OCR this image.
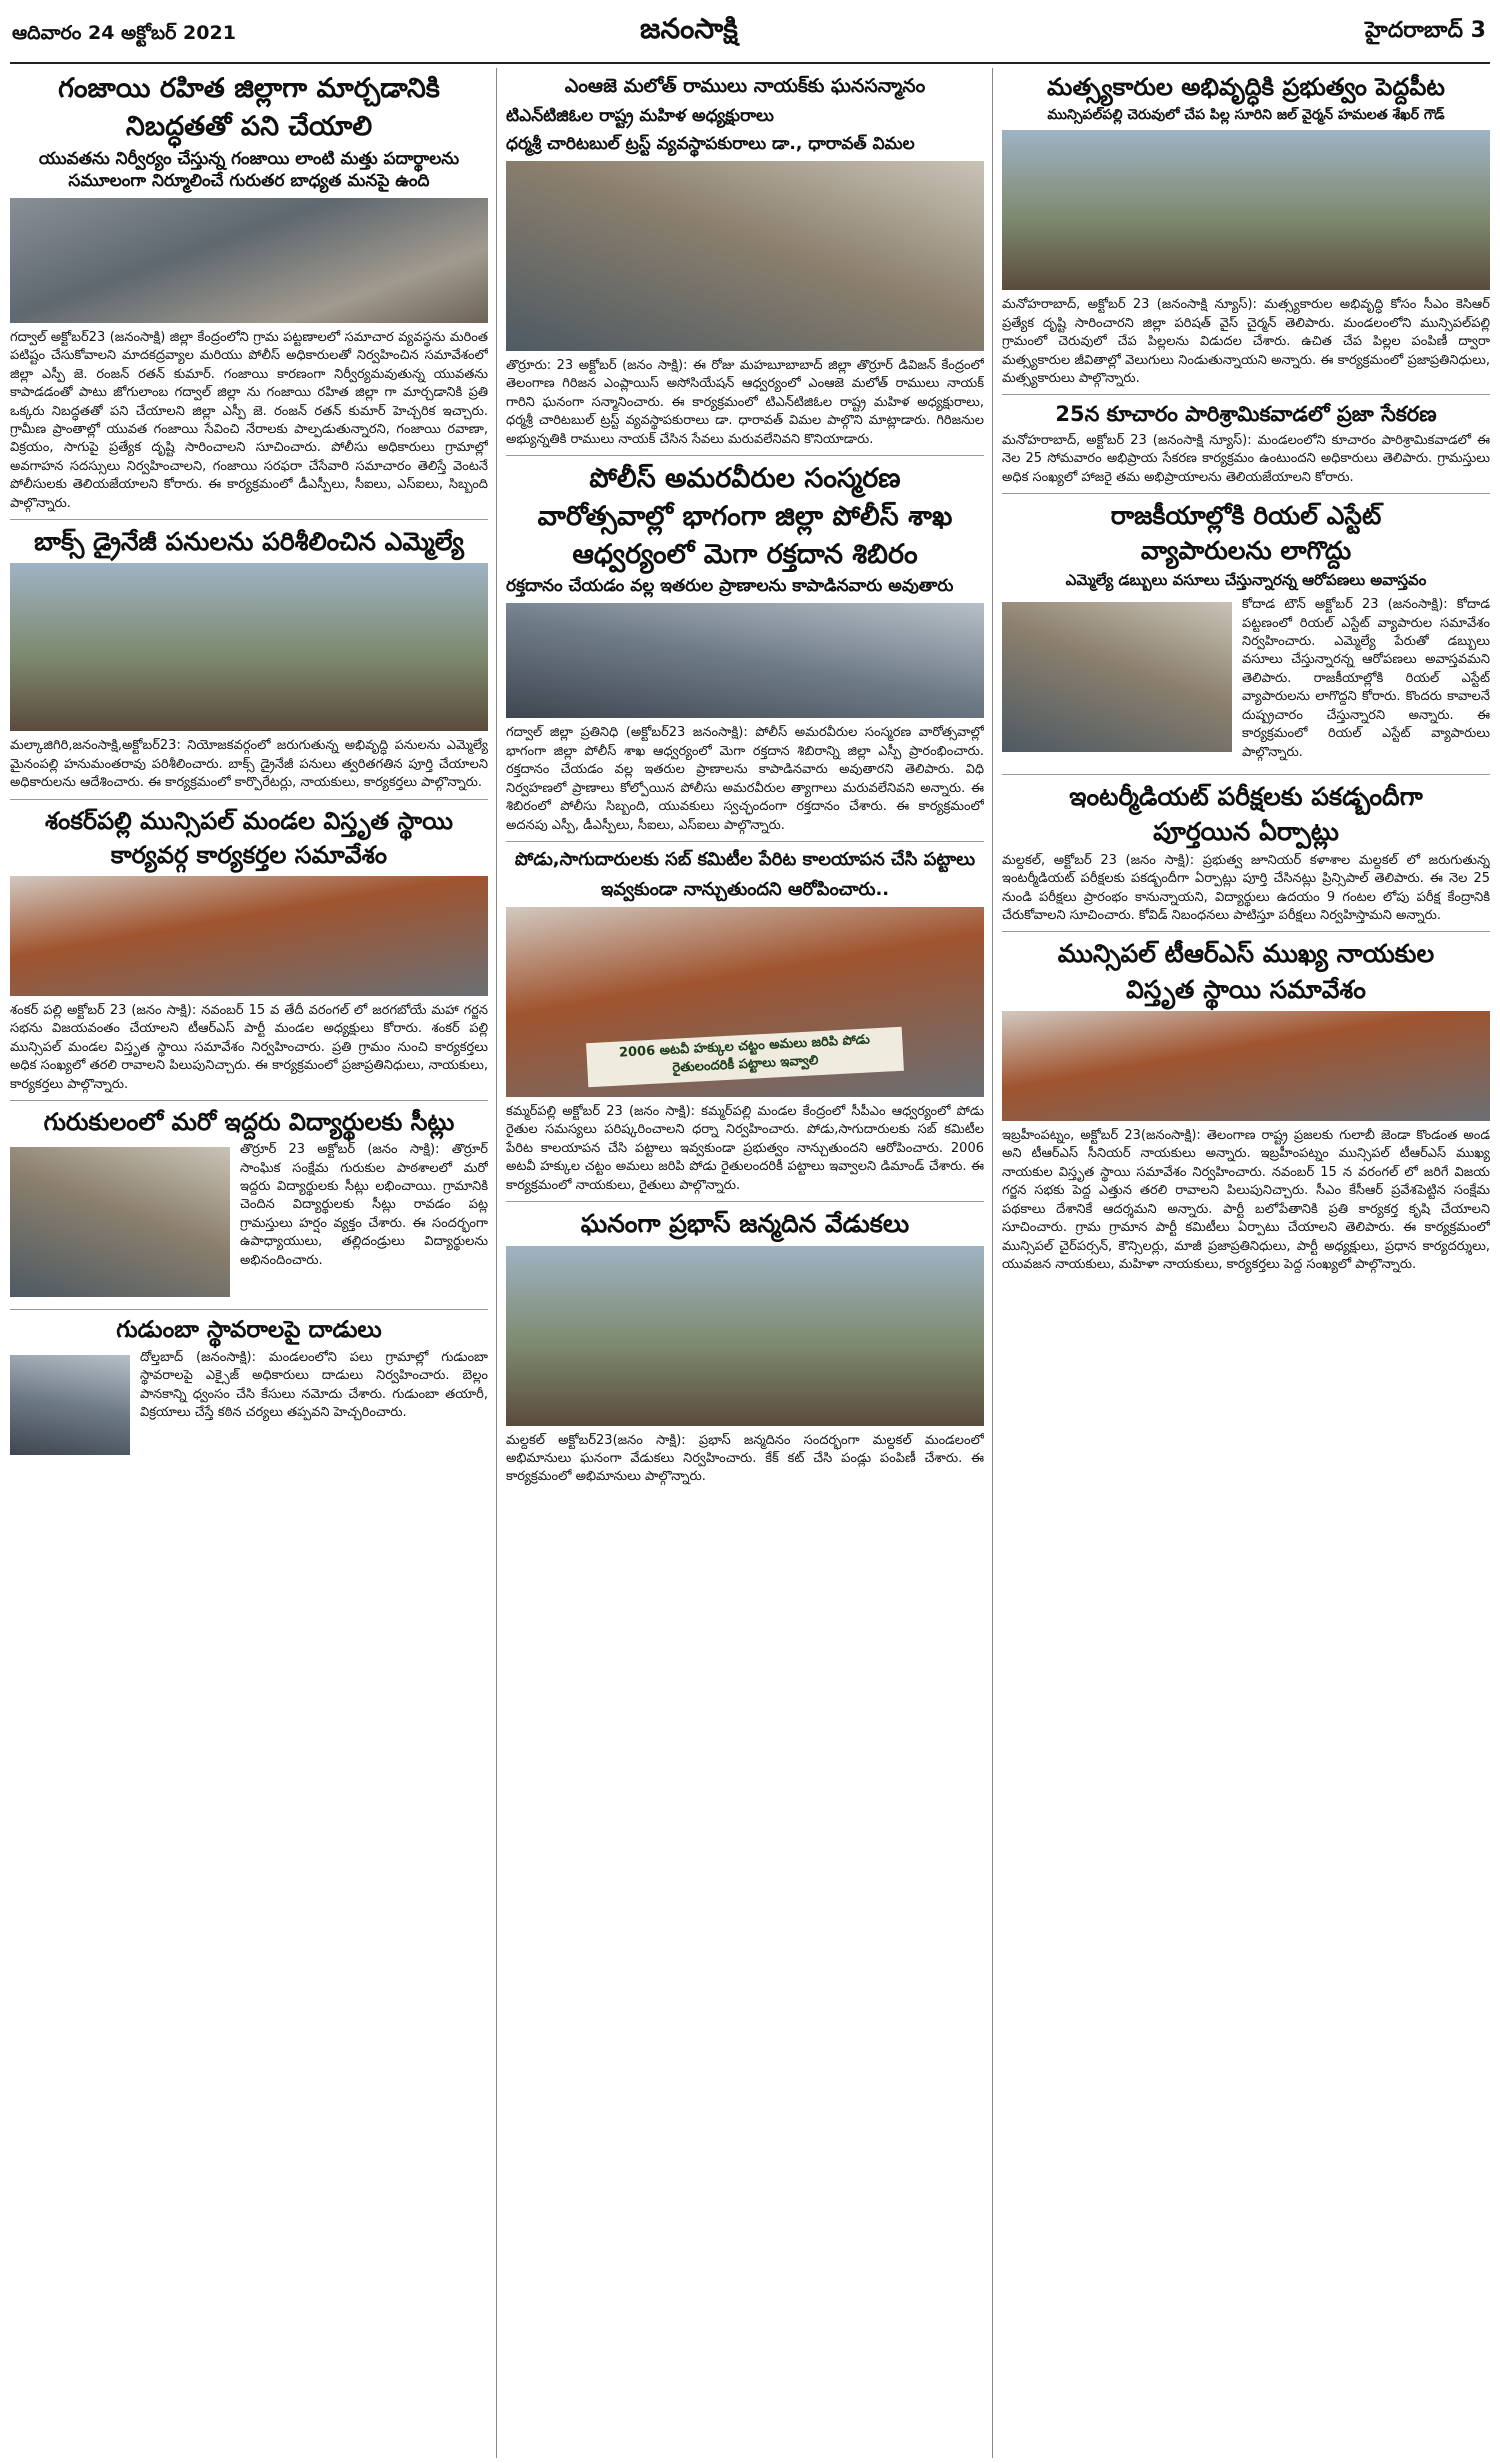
ఆదివారం 24 అక్టోబర్ 2021	జనంసాక్షి	హైదరాబాద్ 3
గంజాయి రహిత జిల్లాగా మార్చడానికి
నిబద్ధతతో పని చేయాలి
యువతను నిర్వీర్యం చేస్తున్న గంజాయి లాంటి మత్తు పదార్థాలను సమూలంగా నిర్మూలించే గురుతర బాధ్యత మనపై ఉంది
గద్వాల్ అక్టోబర్23 (జనంసాక్షి) జిల్లా కేంద్రంలోని గ్రామ పట్టణాలలో సమాచార వ్యవస్థను మరింత పటిష్టం చేసుకోవాలని మాదకద్రవ్యాల మరియు పోలీస్ అధికారులతో నిర్వహించిన సమావేశంలో జిల్లా ఎస్పీ జె. రంజన్ రతన్ కుమార్. గంజాయి కారణంగా నిర్వీర్యమవుతున్న యువతను కాపాడడంతో పాటు జోగులాంబ గద్వాల్ జిల్లా ను గంజాయి రహిత జిల్లా గా మార్చడానికి ప్రతి ఒక్కరు నిబద్ధతతో పని చేయాలని జిల్లా ఎస్పీ జె. రంజన్ రతన్ కుమార్ హెచ్చరిక ఇచ్చారు. గ్రామీణ ప్రాంతాల్లో యువత గంజాయి సేవించి నేరాలకు పాల్పడుతున్నారని, గంజాయి రవాణా, విక్రయం, సాగుపై ప్రత్యేక దృష్టి సారించాలని సూచించారు. పోలీసు అధికారులు గ్రామాల్లో అవగాహన సదస్సులు నిర్వహించాలని, గంజాయి సరఫరా చేసేవారి సమాచారం తెలిస్తే వెంటనే పోలీసులకు తెలియజేయాలని కోరారు. ఈ కార్యక్రమంలో డీఎస్పీలు, సీఐలు, ఎస్ఐలు, సిబ్బంది పాల్గొన్నారు.
బాక్స్ డ్రైనేజీ పనులను పరిశీలించిన ఎమ్మెల్యే
మల్కాజిగిరి,జనంసాక్షి,అక్టోబర్23: నియోజకవర్గంలో జరుగుతున్న అభివృద్ధి పనులను ఎమ్మెల్యే మైనంపల్లి హనుమంతరావు పరిశీలించారు. బాక్స్ డ్రైనేజీ పనులు త్వరితగతిన పూర్తి చేయాలని అధికారులను ఆదేశించారు. ఈ కార్యక్రమంలో కార్పొరేటర్లు, నాయకులు, కార్యకర్తలు పాల్గొన్నారు.
శంకర్‌పల్లి మున్సిపల్ మండల విస్తృత స్థాయి
కార్యవర్గ కార్యకర్తల సమావేశం
శంకర్ పల్లి అక్టోబర్ 23 (జనం సాక్షి): నవంబర్ 15 వ తేదీ వరంగల్ లో జరగబోయే మహా గర్జన సభను విజయవంతం చేయాలని టీఆర్ఎస్ పార్టీ మండల అధ్యక్షులు కోరారు. శంకర్ పల్లి మున్సిపల్ మండల విస్తృత స్థాయి సమావేశం నిర్వహించారు. ప్రతి గ్రామం నుంచి కార్యకర్తలు అధిక సంఖ్యలో తరలి రావాలని పిలుపునిచ్చారు. ఈ కార్యక్రమంలో ప్రజాప్రతినిధులు, నాయకులు, కార్యకర్తలు పాల్గొన్నారు.
గురుకులంలో మరో ఇద్దరు విద్యార్థులకు సీట్లు
తొర్రూర్ 23 అక్టోబర్ (జనం సాక్షి): తొర్రూర్ సాంఘిక సంక్షేమ గురుకుల పాఠశాలలో మరో ఇద్దరు విద్యార్థులకు సీట్లు లభించాయి. గ్రామానికి చెందిన విద్యార్థులకు సీట్లు రావడం పట్ల గ్రామస్తులు హర్షం వ్యక్తం చేశారు. ఈ సందర్భంగా ఉపాధ్యాయులు, తల్లిదండ్రులు విద్యార్థులను అభినందించారు.
గుడుంబా స్థావరాలపై దాడులు
దోల్తబాద్ (జనంసాక్షి): మండలంలోని పలు గ్రామాల్లో గుడుంబా స్థావరాలపై ఎక్సైజ్ అధికారులు దాడులు నిర్వహించారు. బెల్లం పానకాన్ని ధ్వంసం చేసి కేసులు నమోదు చేశారు. గుడుంబా తయారీ, విక్రయాలు చేస్తే కఠిన చర్యలు తప్పవని హెచ్చరించారు.
ఎంఆజె మలోత్ రాములు నాయక్‌కు ఘనసన్మానం
టిఎన్‌టిజిఓల రాష్ట్ర మహిళ అధ్యక్షురాలు
ధర్మశ్రీ చారిటబుల్ ట్రస్ట్ వ్యవస్థాపకురాలు డా., ధారావత్ విమల
తొర్రూరు: 23 అక్టోబర్ (జనం సాక్షి): ఈ రోజు మహబూబాబాద్ జిల్లా తొర్రూర్ డివిజన్ కేంద్రంలో తెలంగాణ గిరిజన ఎంప్లాయిస్ అసోసియేషన్ ఆధ్వర్యంలో ఎంఆజె మలోత్ రాములు నాయక్ గారిని ఘనంగా సన్మానించారు. ఈ కార్యక్రమంలో టిఎన్‌టిజిఓల రాష్ట్ర మహిళ అధ్యక్షురాలు, ధర్మశ్రీ చారిటబుల్ ట్రస్ట్ వ్యవస్థాపకురాలు డా. ధారావత్ విమల పాల్గొని మాట్లాడారు. గిరిజనుల అభ్యున్నతికి రాములు నాయక్ చేసిన సేవలు మరువలేనివని కొనియాడారు.
పోలీస్ అమరవీరుల సంస్మరణ
వారోత్సవాల్లో భాగంగా జిల్లా పోలీస్ శాఖ
ఆధ్వర్యంలో మెగా రక్తదాన శిబిరం
రక్తదానం చేయడం వల్ల ఇతరుల ప్రాణాలను కాపాడినవారు అవుతారు
గద్వాల్ జిల్లా ప్రతినిధి (అక్టోబర్23 జనంసాక్షి): పోలీస్ అమరవీరుల సంస్మరణ వారోత్సవాల్లో భాగంగా జిల్లా పోలీస్ శాఖ ఆధ్వర్యంలో మెగా రక్తదాన శిబిరాన్ని జిల్లా ఎస్పీ ప్రారంభించారు. రక్తదానం చేయడం వల్ల ఇతరుల ప్రాణాలను కాపాడినవారు అవుతారని తెలిపారు. విధి నిర్వహణలో ప్రాణాలు కోల్పోయిన పోలీసు అమరవీరుల త్యాగాలు మరువలేనివని అన్నారు. ఈ శిబిరంలో పోలీసు సిబ్బంది, యువకులు స్వచ్ఛందంగా రక్తదానం చేశారు. ఈ కార్యక్రమంలో అదనపు ఎస్పీ, డీఎస్పీలు, సీఐలు, ఎస్ఐలు పాల్గొన్నారు.
పోడు,సాగుదారులకు సబ్ కమిటీల పేరిట కాలయాపన చేసి పట్టాలు
ఇవ్వకుండా నాన్చుతుందని ఆరోపించారు..
2006 అటవీ హక్కుల చట్టం అమలు జరిపి పోడు రైతులందరికీ పట్టాలు ఇవ్వాలి
కమ్మర్‌పల్లి అక్టోబర్ 23 (జనం సాక్షి): కమ్మర్‌పల్లి మండల కేంద్రంలో సీపీఎం ఆధ్వర్యంలో పోడు రైతుల సమస్యలు పరిష్కరించాలని ధర్నా నిర్వహించారు. పోడు,సాగుదారులకు సబ్ కమిటీల పేరిట కాలయాపన చేసి పట్టాలు ఇవ్వకుండా ప్రభుత్వం నాన్చుతుందని ఆరోపించారు. 2006 అటవీ హక్కుల చట్టం అమలు జరిపి పోడు రైతులందరికీ పట్టాలు ఇవ్వాలని డిమాండ్ చేశారు. ఈ కార్యక్రమంలో నాయకులు, రైతులు పాల్గొన్నారు.
ఘనంగా ప్రభాస్ జన్మదిన వేడుకలు
మల్దకల్ అక్టోబర్23(జనం సాక్షి): ప్రభాస్ జన్మదినం సందర్భంగా మల్దకల్ మండలంలో అభిమానులు ఘనంగా వేడుకలు నిర్వహించారు. కేక్ కట్ చేసి పండ్లు పంపిణీ చేశారు. ఈ కార్యక్రమంలో అభిమానులు పాల్గొన్నారు.
మత్స్యకారుల అభివృద్ధికి ప్రభుత్వం పెద్దపీట
మున్సిపల్‌పల్లి చెరువులో చేప పిల్ల సూరిని జల్ వైర్మన్ హమలత శేఖర్ గౌడ్
మనోహరాబాద్, అక్టోబర్ 23 (జనంసాక్షి న్యూస్): మత్స్యకారుల అభివృద్ధి కోసం సీఎం కెసిఆర్ ప్రత్యేక దృష్టి సారించారని జిల్లా పరిషత్ వైస్ చైర్మన్ తెలిపారు. మండలంలోని మున్సిపల్‌పల్లి గ్రామంలో చెరువులో చేప పిల్లలను విడుదల చేశారు. ఉచిత చేప పిల్లల పంపిణీ ద్వారా మత్స్యకారుల జీవితాల్లో వెలుగులు నిండుతున్నాయని అన్నారు. ఈ కార్యక్రమంలో ప్రజాప్రతినిధులు, మత్స్యకారులు పాల్గొన్నారు.
25న కూచారం పారిశ్రామికవాడలో ప్రజా సేకరణ
మనోహరాబాద్, అక్టోబర్ 23 (జనంసాక్షి న్యూస్): మండలంలోని కూచారం పారిశ్రామికవాడలో ఈ నెల 25 సోమవారం అభిప్రాయ సేకరణ కార్యక్రమం ఉంటుందని అధికారులు తెలిపారు. గ్రామస్తులు అధిక సంఖ్యలో హాజరై తమ అభిప్రాయాలను తెలియజేయాలని కోరారు.
రాజకీయాల్లోకి రియల్ ఎస్టేట్
వ్యాపారులను లాగొద్దు
ఎమ్మెల్యే డబ్బులు వసూలు చేస్తున్నారన్న ఆరోపణలు అవాస్తవం
కోదాడ టౌన్ అక్టోబర్ 23 (జనంసాక్షి): కోదాడ పట్టణంలో రియల్ ఎస్టేట్ వ్యాపారుల సమావేశం నిర్వహించారు. ఎమ్మెల్యే పేరుతో డబ్బులు వసూలు చేస్తున్నారన్న ఆరోపణలు అవాస్తవమని తెలిపారు. రాజకీయాల్లోకి రియల్ ఎస్టేట్ వ్యాపారులను లాగొద్దని కోరారు. కొందరు కావాలనే దుష్ప్రచారం చేస్తున్నారని అన్నారు. ఈ కార్యక్రమంలో రియల్ ఎస్టేట్ వ్యాపారులు పాల్గొన్నారు.
ఇంటర్మీడియట్ పరీక్షలకు పకడ్బందీగా
పూర్తయిన ఏర్పాట్లు
మల్దకల్, అక్టోబర్ 23 (జనం సాక్షి): ప్రభుత్వ జూనియర్ కళాశాల మల్దకల్ లో జరుగుతున్న ఇంటర్మీడియట్ పరీక్షలకు పకడ్బందీగా ఏర్పాట్లు పూర్తి చేసినట్లు ప్రిన్సిపాల్ తెలిపారు. ఈ నెల 25 నుండి పరీక్షలు ప్రారంభం కానున్నాయని, విద్యార్థులు ఉదయం 9 గంటల లోపు పరీక్ష కేంద్రానికి చేరుకోవాలని సూచించారు. కోవిడ్ నిబంధనలు పాటిస్తూ పరీక్షలు నిర్వహిస్తామని అన్నారు.
మున్సిపల్ టీఆర్ఎస్ ముఖ్య నాయకుల
విస్తృత స్థాయి సమావేశం
ఇబ్రహీంపట్నం, అక్టోబర్ 23(జనంసాక్షి): తెలంగాణ రాష్ట్ర ప్రజలకు గులాబీ జెండా కొండంత అండ అని టీఆర్ఎస్ సీనియర్ నాయకులు అన్నారు. ఇబ్రహీంపట్నం మున్సిపల్ టీఆర్ఎస్ ముఖ్య నాయకుల విస్తృత స్థాయి సమావేశం నిర్వహించారు. నవంబర్ 15 న వరంగల్ లో జరిగే విజయ గర్జన సభకు పెద్ద ఎత్తున తరలి రావాలని పిలుపునిచ్చారు. సీఎం కేసీఆర్ ప్రవేశపెట్టిన సంక్షేమ పథకాలు దేశానికే ఆదర్శమని అన్నారు. పార్టీ బలోపేతానికి ప్రతి కార్యకర్త కృషి చేయాలని సూచించారు. గ్రామ గ్రామాన పార్టీ కమిటీలు ఏర్పాటు చేయాలని తెలిపారు. ఈ కార్యక్రమంలో మున్సిపల్ చైర్‌పర్సన్, కౌన్సిలర్లు, మాజీ ప్రజాప్రతినిధులు, పార్టీ అధ్యక్షులు, ప్రధాన కార్యదర్శులు, యువజన నాయకులు, మహిళా నాయకులు, కార్యకర్తలు పెద్ద సంఖ్యలో పాల్గొన్నారు.
